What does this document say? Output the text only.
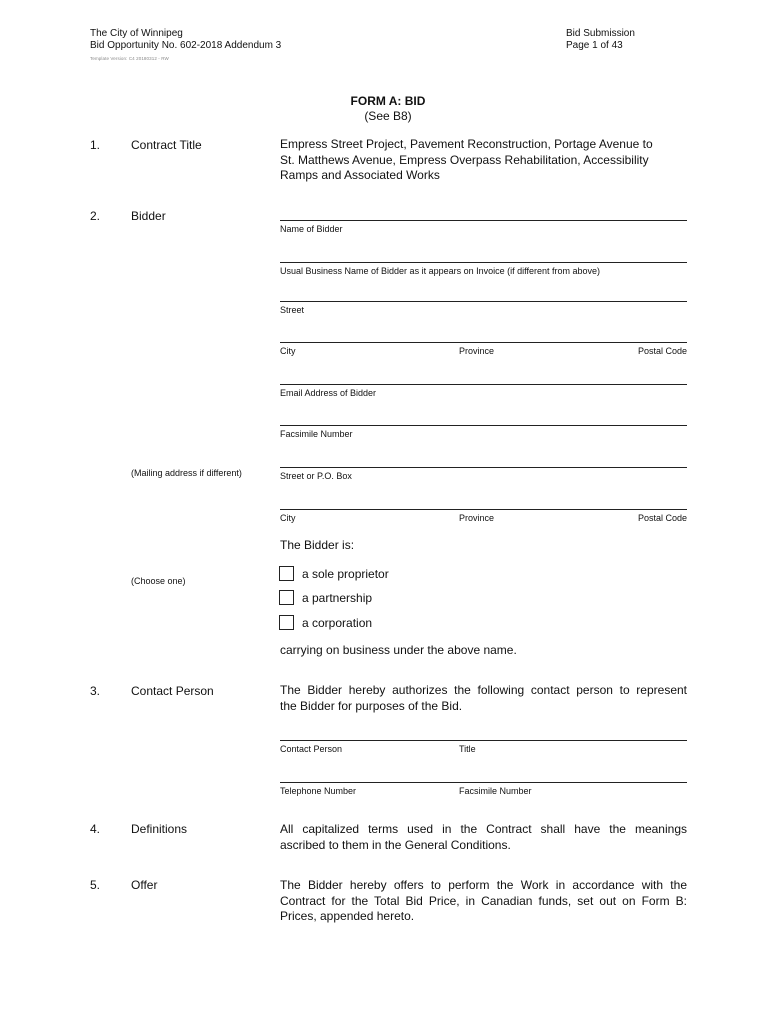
The City of Winnipeg
Bid Opportunity No. 602-2018 Addendum 3
Template Version: C4 20180312 - RW
Bid Submission
Page 1 of 43
FORM A: BID
(See B8)
1.	Contract Title	Empress Street Project, Pavement Reconstruction, Portage Avenue to
St. Matthews Avenue, Empress Overpass Rehabilitation, Accessibility
Ramps and Associated Works
2.	Bidder
Name of Bidder
Usual Business Name of Bidder as it appears on Invoice (if different from above)
Street
City	Province	Postal Code
Email Address of Bidder
Facsimile Number
(Mailing address if different)	Street or P.O. Box
City	Province	Postal Code
The Bidder is:
(Choose one)	a sole proprietor
a partnership
a corporation
carrying on business under the above name.
3.	Contact Person	The Bidder hereby authorizes the following contact person to represent
the Bidder for purposes of the Bid.
Contact Person	Title
Telephone Number	Facsimile Number
4.	Definitions	All capitalized terms used in the Contract shall have the meanings
ascribed to them in the General Conditions.
5.	Offer	The Bidder hereby offers to perform the Work in accordance with the
Contract for the Total Bid Price, in Canadian funds, set out on Form B:
Prices, appended hereto.
